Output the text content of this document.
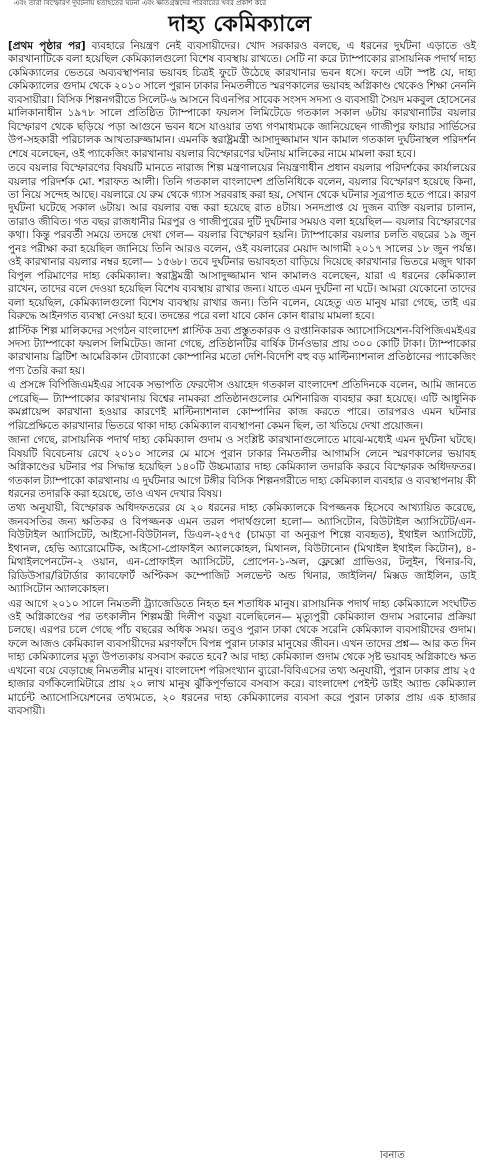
এবং তারা বিস্ফোরণ দুর্ঘটনায় হতাহতের ঘটনা এবং ক্ষতিগ্রস্তদের পরিবারের খবর প্রকাশ করে
দাহ্য কেমিক্যালে

[প্রথম পৃষ্ঠার পর] ব্যবহারে নিয়ন্ত্রণ নেই ব্যবসায়ীদের। খোদ সরকারও বলছে, এ ধরনের দুর্ঘটনা এড়াতে ওই কারখানাটিকে বলা হয়েছিল কেমিক্যালগুলো বিশেষ ব্যবস্থায় রাখতে। সেটি না করে ট্যাম্পাকোর রাসায়নিক পদার্থ দাহ্য কেমিক্যালের ভেতরে অব্যবস্থাপনার ভয়াবহ চিত্রই ফুটে উঠেছে কারখানার ভবন ধসে। ফলে এটা স্পষ্ট যে, দাহ্য কেমিক্যালের গুদাম থেকে ২০১০ সালে পুরান ঢাকার নিমতলীতে স্মরণকালের ভয়াবহ অগ্নিকাণ্ড থেকেও শিক্ষা নেননি ব্যবসায়ীরা। বিসিক শিল্পনগরীতে সিলেট-৬ আসনে বিএনপির সাবেক সংসদ সদস্য ও ব্যবসায়ী সৈয়দ মকবুল হোসেনের মালিকানাধীন ১৯৭৮ সালে প্রতিষ্ঠিত ট্যাম্পাকো ফয়লস লিমিটেডে গতকাল সকাল ৬টায় কারখানাটির বয়লার বিস্ফোরণ থেকে ছড়িয়ে পড়া আগুনে ভবন ধসে যাওয়ার তথ্য গণমাধ্যমকে জানিয়েছেন গাজীপুর ফায়ার সার্ভিসের উপ-সহকারী পরিচালক আখতারুজ্জামান। এমনকি স্বরাষ্ট্রমন্ত্রী আসাদুজ্জামান খান কামাল গতকাল দুর্ঘটনাস্থল পরিদর্শন শেষে বলেছেন, ওই প্যাকেজিং কারখানায় বয়লার বিস্ফোরণের ঘটনায় মালিকের নামে মামলা করা হবে।

তবে বয়লার বিস্ফোরণের বিষয়টি মানতে নারাজ শিল্প মন্ত্রণালয়ের নিয়ন্ত্রণাধীন প্রধান বয়লার পরিদর্শকের কার্যালয়ের বয়লার পরিদর্শক মো. শরাফত আলী। তিনি গতকাল বাংলাদেশ প্রতিনিধিকে বলেন, বয়লার বিস্ফোরণ হয়েছে কিনা, তা নিয়ে সন্দেহ আছে। বয়লারে যে রুম থেকে গ্যাস সরবরাহ করা হয়, সেখান থেকে ঘটনার সূত্রপাত হতে পারে। কারণ দুর্ঘটনা ঘটেছে সকাল ৬টায়। আর বয়লার বন্ধ করা হয়েছে রাত ৪টায়। সনদপ্রাপ্ত যে দুজন ব্যক্তি বয়লার চালান, তারাও জীবিত। গত বছর রাজধানীর মিরপুর ও গাজীপুরের দুটি দুর্ঘটনার সময়ও বলা হয়েছিল— বয়লার বিস্ফোরণের কথা। কিন্তু পরবর্তী সময়ে তদন্তে দেখা গেল— বয়লার বিস্ফোরণ হয়নি। ট্যাম্পাকোর বয়লার চলতি বছরের ১৯ জুন পুনঃ পরীক্ষা করা হয়েছিল জানিয়ে তিনি আরও বলেন, ওই বয়লারের মেয়াদ আগামী ২০১৭ সালের ১৮ জুন পর্যন্ত। ওই কারখানার বয়লার নম্বর হলো— ১৫৬৮। তবে দুর্ঘটনার ভয়াবহতা বাড়িয়ে দিয়েছে কারখানার ভিতরে মজুদ থাকা বিপুল পরিমাণের দাহ্য কেমিক্যাল। স্বরাষ্ট্রমন্ত্রী আসাদুজ্জামান খান কামালও বলেছেন, যারা এ ধরনের কেমিক্যাল রাখেন, তাদের বলে দেওয়া হয়েছিল বিশেষ ব্যবস্থায় রাখার জন্য। যাতে এমন দুর্ঘটনা না ঘটে। আমরা যেকোনো তাদের বলা হয়েছিল, কেমিক্যালগুলো বিশেষ ব্যবস্থায় রাখার জন্য। তিনি বলেন, যেহেতু এত মানুষ মারা গেছে, তাই এর বিরুদ্ধে আইনগত ব্যবস্থা নেওয়া হবে। তদন্তের পরে বলা যাবে কোন কোন ধারায় মামলা হবে।

প্লাস্টিক শিল্প মালিকদের সংগঠন বাংলাদেশ প্লাস্টিক দ্রব্য প্রস্তুতকারক ও রপ্তানিকারক অ্যাসোসিয়েশন-বিপিজিএমইএর সদস্য ট্যাম্পাকো ফয়লস লিমিটেড। জানা গেছে, প্রতিষ্ঠানটির বার্ষিক টার্নওভার প্রায় ৩০০ কোটি টাকা। ট্যাম্পাকোর কারখানায় ব্রিটিশ আমেরিকান টোব্যাকো কোম্পানির মতো দেশি-বিদেশি বহু বড় মাল্টিন্যাশনাল প্রতিষ্ঠানের প্যাকেজিং পণ্য তৈরি করা হয়।

এ প্রসঙ্গে বিপিজিএমইএর সাবেক সভাপতি ফেরদৌস ওয়াহেদ গতকাল বাংলাদেশ প্রতিদিনকে বলেন, আমি জানতে পেরেছি— ট্যাম্পাকোর কারখানায় বিশ্বের নামকরা প্রতিষ্ঠানগুলোর মেশিনারিজ ব্যবহার করা হয়েছে। এটি আধুনিক কমপ্লায়েন্স কারখানা হওয়ার কারণেই মাল্টিন্যাশনাল কোম্পানির কাজ করতে পারে। তারপরও এমন ঘটনার পরিপ্রেক্ষিতে কারখানার ভিতরে থাকা দাহ্য কেমিক্যাল ব্যবস্থাপনা কেমন ছিল, তা খতিয়ে দেখা প্রয়োজন।

জানা গেছে, রাসায়নিক পদার্থ দাহ্য কেমিক্যাল গুদাম ও সংশ্লিষ্ট কারখানাগুলোতে মাঝে-মধ্যেই এমন দুর্ঘটনা ঘটছে। বিষয়টি বিবেচনায় রেখে ২০১০ সালের মে মাসে পুরান ঢাকার নিমতলীর আগামসি লেনে স্মরণকালের ভয়াবহ অগ্নিকাণ্ডের ঘটনার পর সিদ্ধান্ত হয়েছিল ১৪০টি উচ্চমাত্রার দাহ্য কেমিক্যাল তদারকি করবে বিস্ফোরক অধিদফতর। গতকাল ট্যাম্পাকো কারখানায় এ দুর্ঘটনার আগে টঙ্গীর বিসিক শিল্পনগরীতে দাহ্য কেমিক্যাল ব্যবহার ও ব্যবস্থাপনায় কী ধরনের তদারকি করা হয়েছে, তাও এখন দেখার বিষয়।

তথ্য অনুযায়ী, বিস্ফোরক অধিদফতরের যে ২০ ধরনের দাহ্য কেমিক্যালকে বিপজ্জনক হিসেবে আখ্যায়িত করেছে, জনবসতির জন্য ক্ষতিকর ও বিপজ্জনক এমন তরল পদার্থগুলো হলো— অ্যাসিটোন, বিউটাইল অ্যাসিটেট/এন-বিউটাইল অ্যাসিটেট, আইসো-বিউটানল, ডিএল-২৫৭৫ (চামড়া বা অনুরূপ শিল্পে ব্যবহৃত), ইথাইল অ্যাসিটেট, ইথানল, হেভি অ্যারোমেটিক, আইসো-প্রোফাইল অ্যালকোহল, মিথানল, বিউটানোন (মিথাইল ইথাইল কিটোন), ৪-মিথাইলপেনটেন-২ ওয়ান, এন-প্রোফাইল অ্যাসিটেট, প্রোপেন-১-অল, ফ্লেক্সো গ্রাভিওর, টলুইন, থিনার-বি, রিডিউসার/রিটার্ডার ক্যাবফোর্ট অপ্টিকস কম্পোজিট সলভেন্ট অন্ড থিনার, জাইলিন/ মিক্সড জাইলিন, ডাই অ্যাসিটোন অ্যালকোহল।

এর আগে ২০১০ সালে নিমতলী ট্র্যাজেডিতে নিহত হন শতাধিক মানুষ। রাসায়নিক পদার্থ দাহ্য কেমিক্যালে সংঘটিত ওই অগ্নিকাণ্ডের পর তৎকালীন শিল্পমন্ত্রী দিলীপ বড়ুয়া বলেছিলেন— মৃত্যুপুরী কেমিক্যাল গুদাম সরানোর প্রক্রিয়া চলছে। এরপর চলে গেছে পাঁচ বছরের অধিক সময়। তবুও পুরান ঢাকা থেকে সরেনি কেমিক্যাল ব্যবসায়ীদের গুদাম। ফলে আজও কেমিক্যাল ব্যবসায়ীদের মরণফাঁদে বিপন্ন পুরান ঢাকার মানুষের জীবন। এখন তাদের প্রশ্ন— আর কত দিন দাহ্য কেমিক্যালের মৃত্যু উপত্যকায় বসবাস করতে হবে? আর দাহ্য কেমিক্যাল গুদাম থেকে সৃষ্ট ভয়াবহ অগ্নিকাণ্ডে ক্ষত এখনো বয়ে বেড়াচ্ছে নিমতলীর মানুষ। বাংলাদেশ পরিসংখ্যান ব্যুরো-বিবিএসের তথ্য অনুযায়ী, পুরান ঢাকার প্রায় ২৫ হাজার বর্গকিলোমিটারে প্রায় ২০ লাখ মানুষ ঝুঁকিপূর্ণভাবে বসবাস করে। বাংলাদেশ পেইন্ট ডাইং অ্যান্ড কেমিক্যাল মার্চেন্ট অ্যাসোসিয়েশনের তথ্যমতে, ২০ ধরনের দাহ্য কেমিক্যালের ব্যবসা করে পুরান ঢাকার প্রায় এক হাজার ব্যবসায়ী।

বিনীত
